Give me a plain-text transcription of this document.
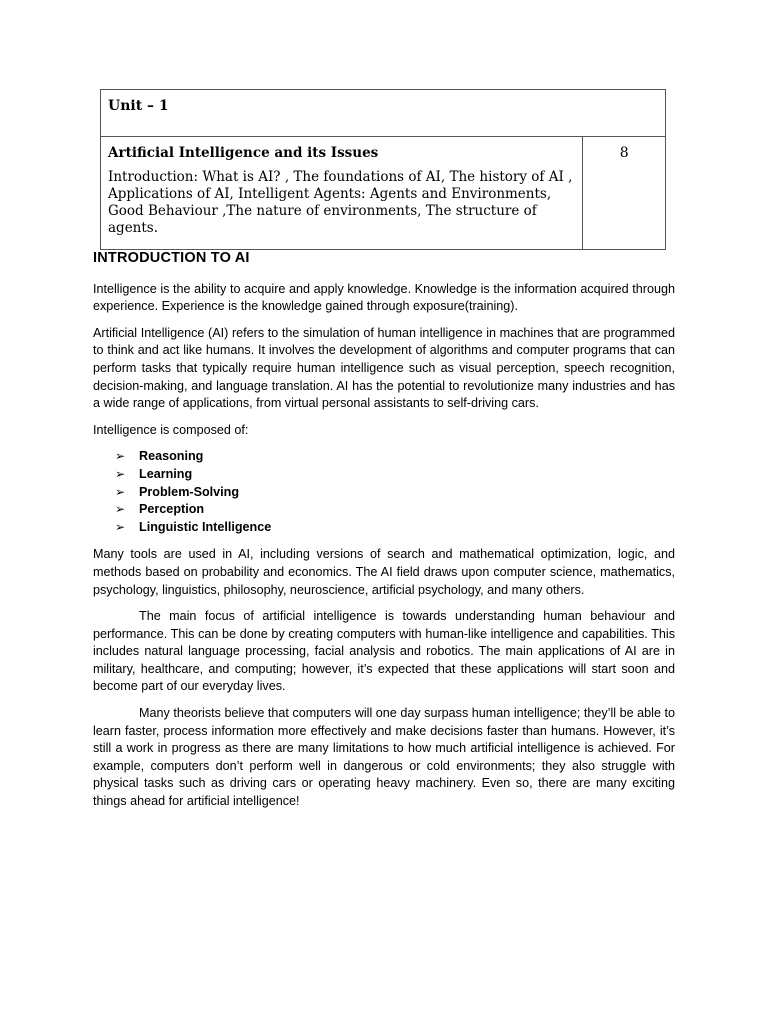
Unit – 1

Artificial Intelligence and its Issues
Introduction: What is AI? , The foundations of AI, The history of AI , Applications of AI, Intelligent Agents: Agents and Environments, Good Behaviour ,The nature of environments, The structure of agents.
	8
INTRODUCTION TO AI

Intelligence is the ability to acquire and apply knowledge. Knowledge is the information acquired through experience. Experience is the knowledge gained through exposure(training).

Artificial Intelligence (AI) refers to the simulation of human intelligence in machines that are programmed to think and act like humans. It involves the development of algorithms and computer programs that can perform tasks that typically require human intelligence such as visual perception, speech recognition, decision-making, and language translation. AI has the potential to revolutionize many industries and has a wide range of applications, from virtual personal assistants to self-driving cars.

Intelligence is composed of:

➢	Reasoning
➢	Learning
➢	Problem-Solving
➢	Perception
➢	Linguistic Intelligence

Many tools are used in AI, including versions of search and mathematical optimization, logic, and methods based on probability and economics. The AI field draws upon computer science, mathematics, psychology, linguistics, philosophy, neuroscience, artificial psychology, and many others.

The main focus of artificial intelligence is towards understanding human behaviour and performance. This can be done by creating computers with human-like intelligence and capabilities. This includes natural language processing, facial analysis and robotics. The main applications of AI are in military, healthcare, and computing; however, it’s expected that these applications will start soon and become part of our everyday lives.

Many theorists believe that computers will one day surpass human intelligence; they’ll be able to learn faster, process information more effectively and make decisions faster than humans. However, it’s still a work in progress as there are many limitations to how much artificial intelligence is achieved. For example, computers don’t perform well in dangerous or cold environments; they also struggle with physical tasks such as driving cars or operating heavy machinery. Even so, there are many exciting things ahead for artificial intelligence!
